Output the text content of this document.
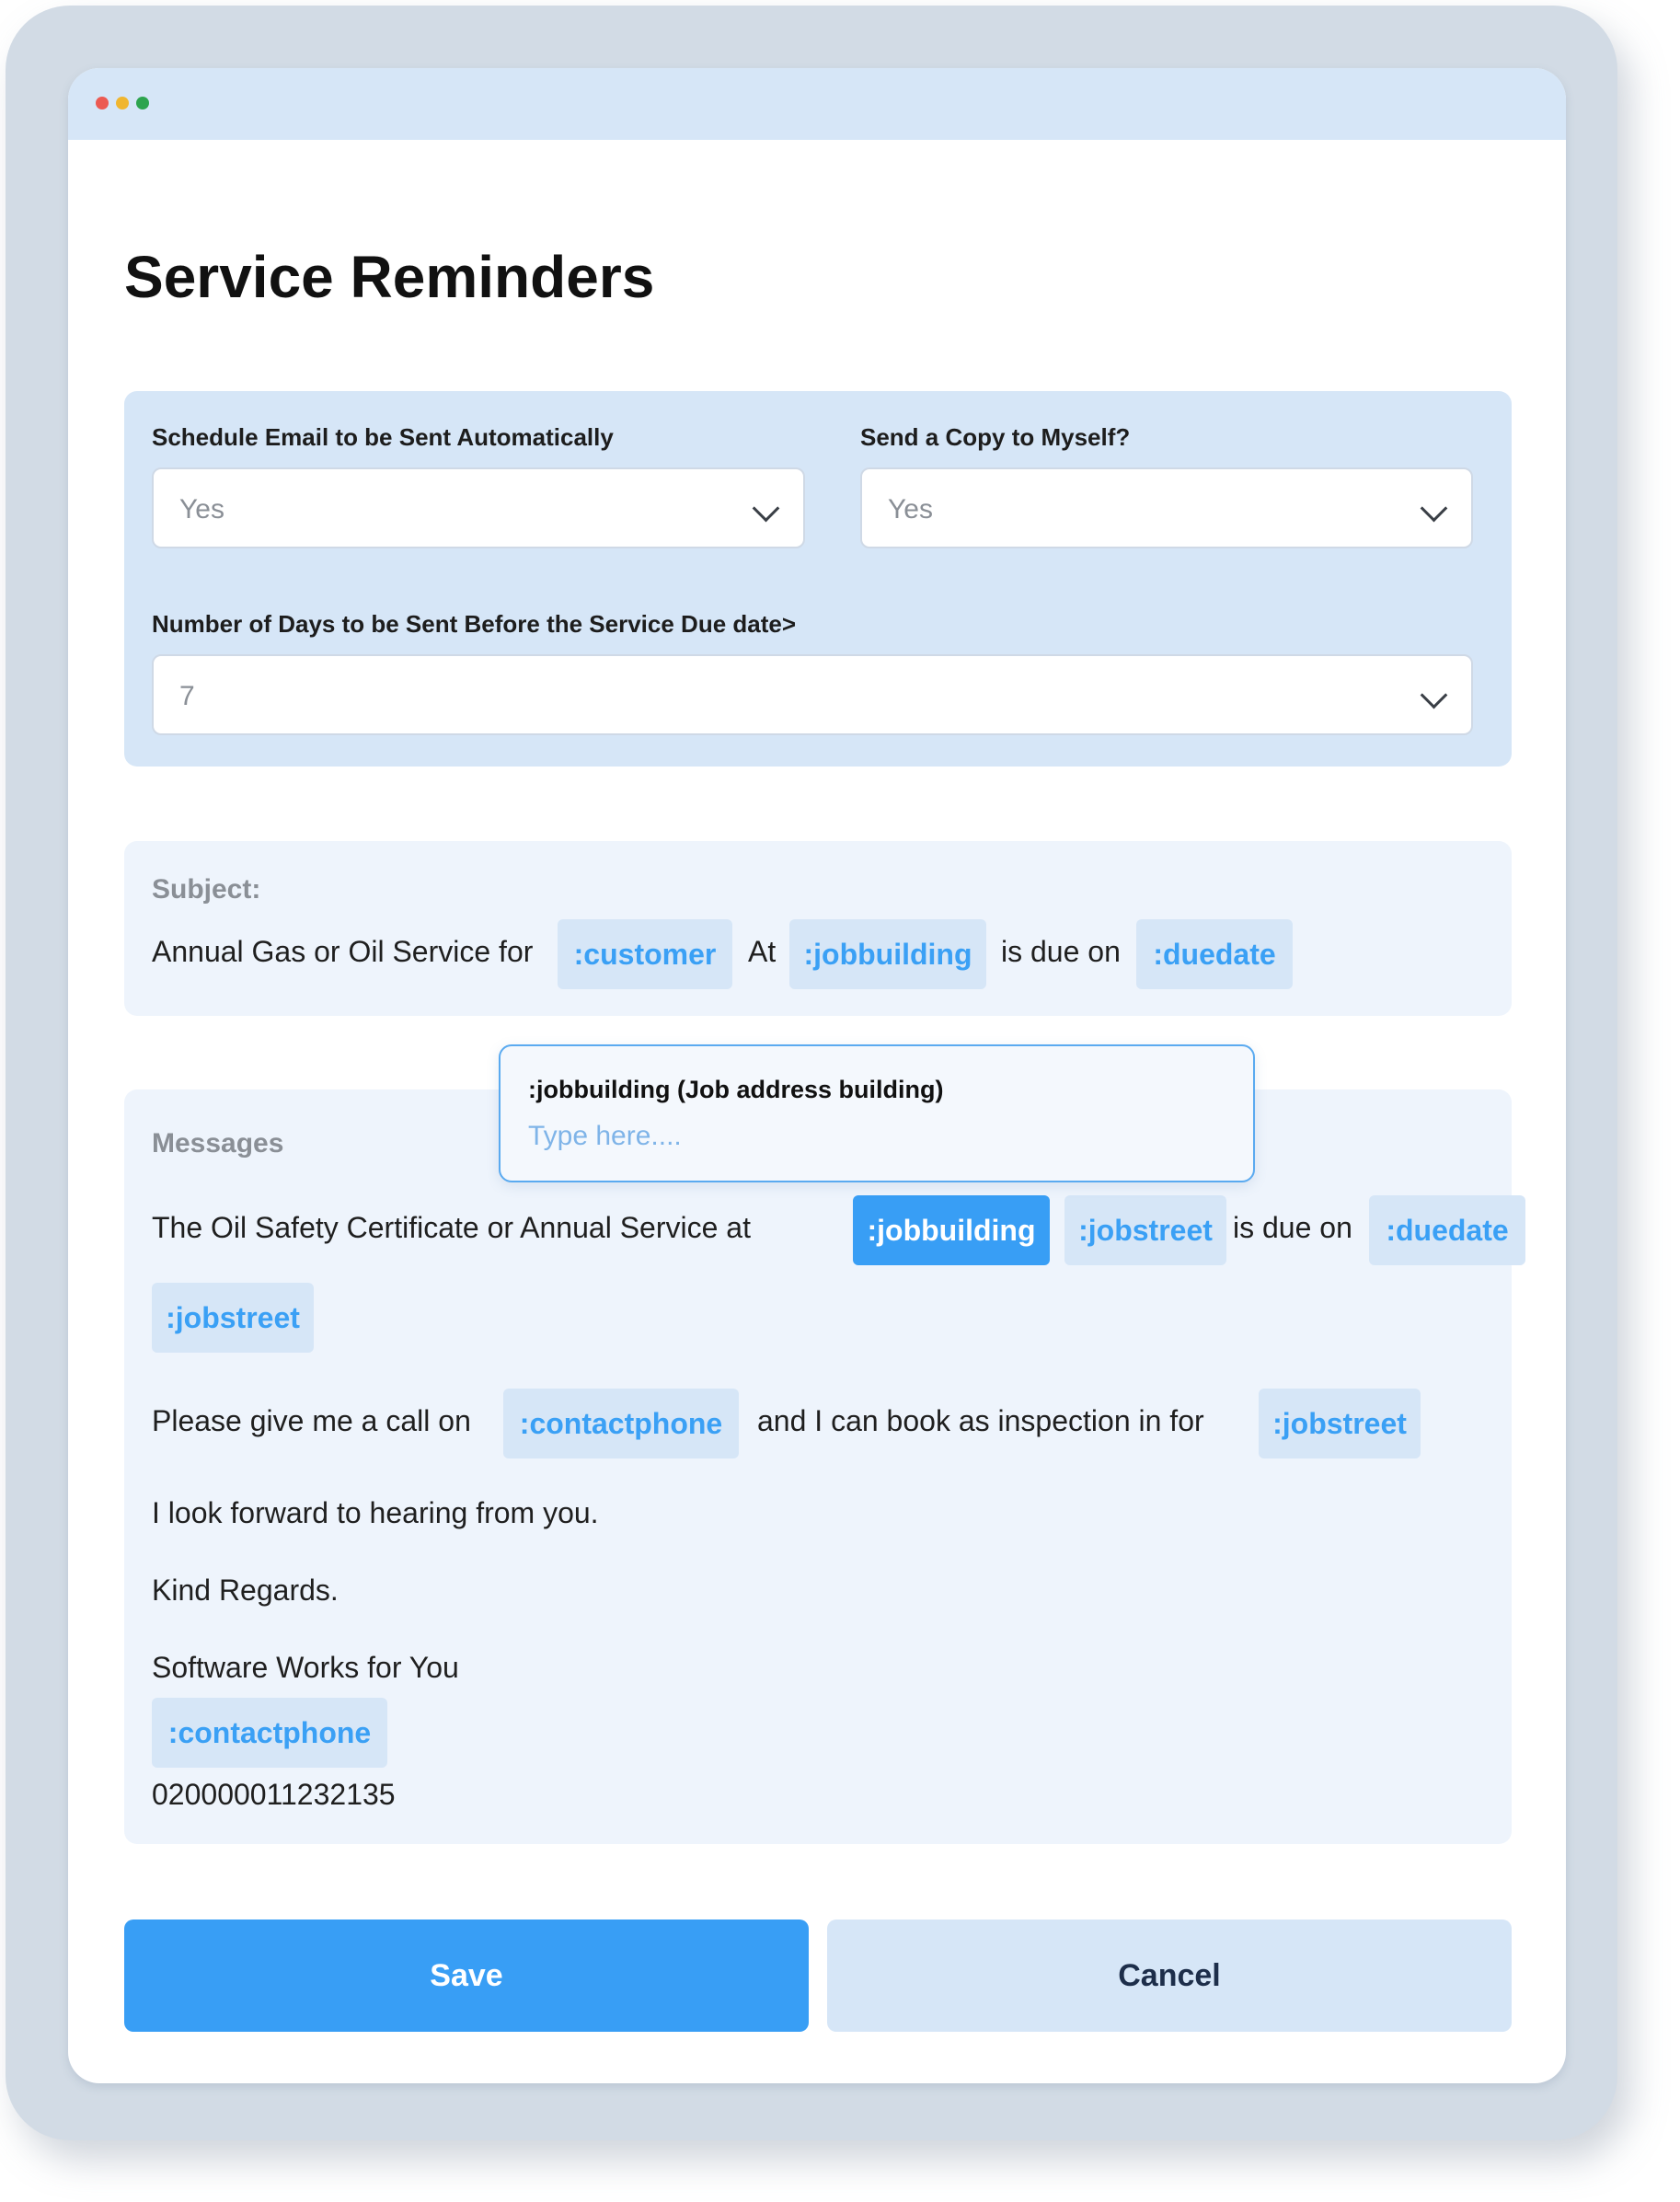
Service Reminders
Schedule Email to be Sent Automatically
Yes
Send a Copy to Myself?
Yes
Number of Days to be Sent Before the Service Due date>
7
Subject:
Annual Gas or Oil Service for	:customer	At :jobbuilding is due on	:duedate
Messages
The Oil Safety Certificate or Annual Service at	:jobbuilding	:jobstreet is due on	:duedate
:jobstreet
Please give me a call on	:contactphone	and I can book as inspection in for	:jobstreet
I look forward to hearing from you.
Kind Regards.
Software Works for You
:contactphone
020000011232135
:jobbuilding (Job address building)
Type here....
Save	Cancel
